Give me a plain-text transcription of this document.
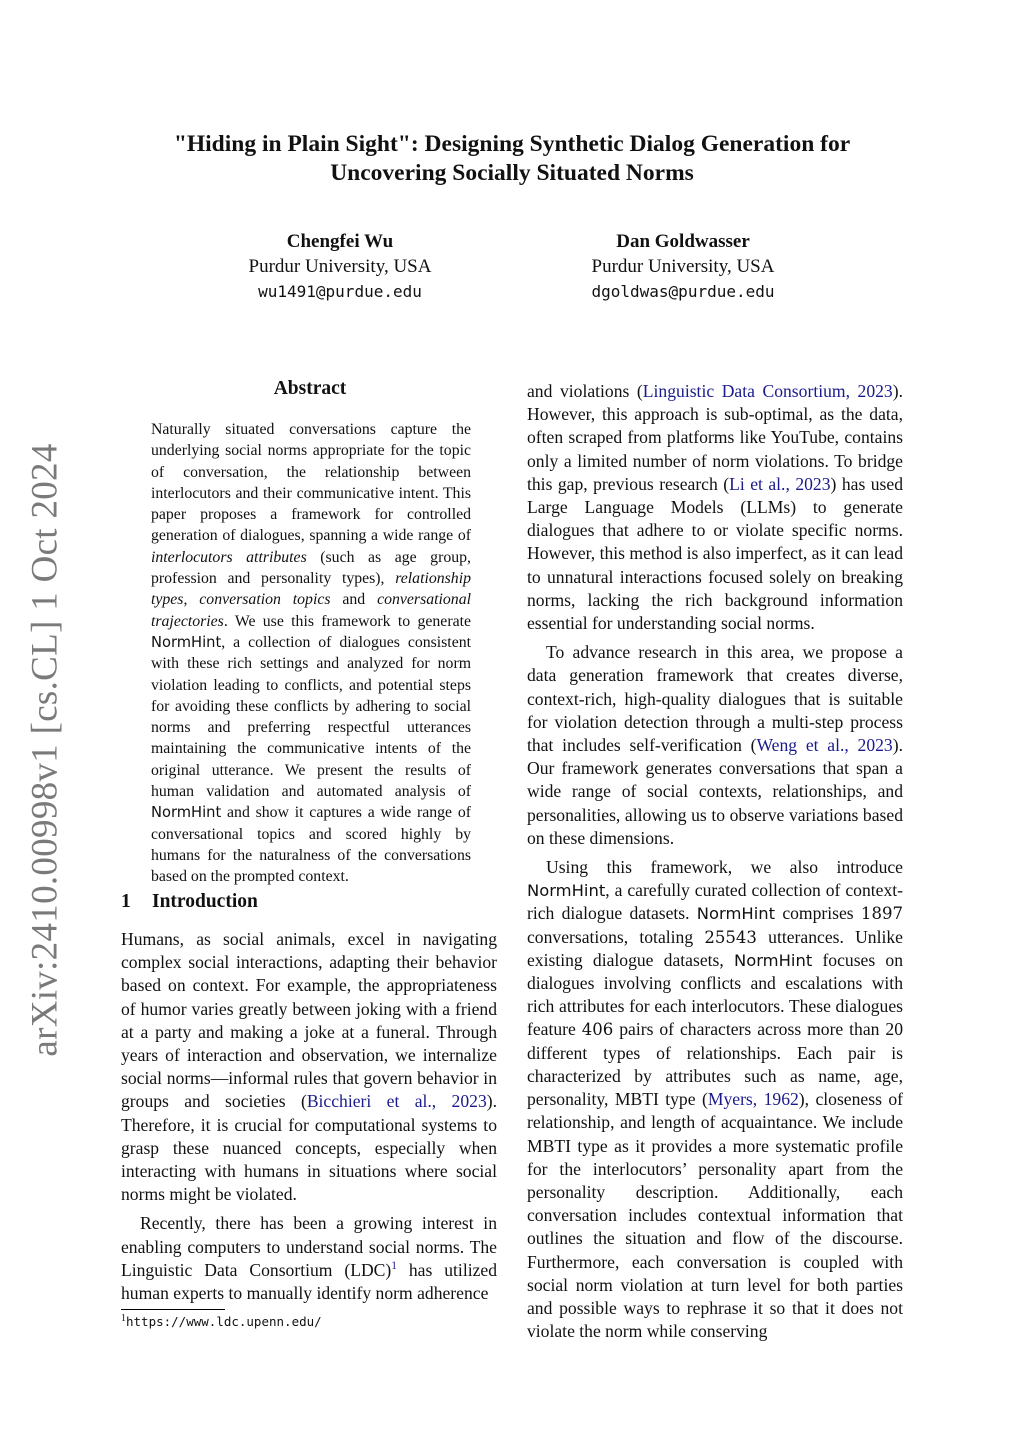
arXiv:2410.00998v1 [cs.CL] 1 Oct 2024
"Hiding in Plain Sight": Designing Synthetic Dialog Generation for
Uncovering Socially Situated Norms
Chengfei Wu
Purdur University, USA
wu1491@purdue.edu
Dan Goldwasser
Purdur University, USA
dgoldwas@purdue.edu
Abstract
Naturally situated conversations capture the underlying social norms appropriate for the topic of conversation, the relationship between interlocutors and their communicative intent. This paper proposes a framework for controlled generation of dialogues, spanning a wide range of interlocutors attributes (such as age group, profession and personality types), relationship types, conversation topics and conversational trajectories. We use this framework to generate NormHint, a collection of dialogues consistent with these rich settings and analyzed for norm violation leading to conflicts, and potential steps for avoiding these conflicts by adhering to social norms and preferring respectful utterances maintaining the communicative intents of the original utterance. We present the results of human validation and automated analysis of NormHint and show it captures a wide range of conversational topics and scored highly by humans for the naturalness of the conversations based on the prompted context.
1 Introduction

Humans, as social animals, excel in navigating complex social interactions, adapting their behavior based on context. For example, the appropriateness of humor varies greatly between joking with a friend at a party and making a joke at a funeral. Through years of interaction and observation, we internalize social norms—informal rules that govern behavior in groups and societies (Bicchieri et al., 2023). Therefore, it is crucial for computational systems to grasp these nuanced concepts, especially when interacting with humans in situations where social norms might be violated.

Recently, there has been a growing interest in enabling computers to understand social norms. The Linguistic Data Consortium (LDC)$^1$ has utilized human experts to manually identify norm adherence

and violations (Linguistic Data Consortium, 2023). However, this approach is sub-optimal, as the data, often scraped from platforms like YouTube, contains only a limited number of norm violations. To bridge this gap, previous research (Li et al., 2023) has used Large Language Models (LLMs) to generate dialogues that adhere to or violate specific norms. However, this method is also imperfect, as it can lead to unnatural interactions focused solely on breaking norms, lacking the rich background information essential for understanding social norms.

To advance research in this area, we propose a data generation framework that creates diverse, context-rich, high-quality dialogues that is suitable for violation detection through a multi-step process that includes self-verification (Weng et al., 2023). Our framework generates conversations that span a wide range of social contexts, relationships, and personalities, allowing us to observe variations based on these dimensions.

Using this framework, we also introduce NormHint, a carefully curated collection of context-rich dialogue datasets. NormHint comprises 1897 conversations, totaling 25543 utterances. Unlike existing dialogue datasets, NormHint focuses on dialogues involving conflicts and escalations with rich attributes for each interlocutors. These dialogues feature 406 pairs of characters across more than 20 different types of relationships. Each pair is characterized by attributes such as name, age, personality, MBTI type (Myers, 1962), closeness of relationship, and length of acquaintance. We include MBTI type as it provides a more systematic profile for the interlocutors’ personality apart from the personality description. Additionally, each conversation includes contextual information that outlines the situation and flow of the discourse. Furthermore, each conversation is coupled with social norm violation at turn level for both parties and possible ways to rephrase it so that it does not violate the norm while conserving

$^1$https://www.ldc.upenn.edu/
